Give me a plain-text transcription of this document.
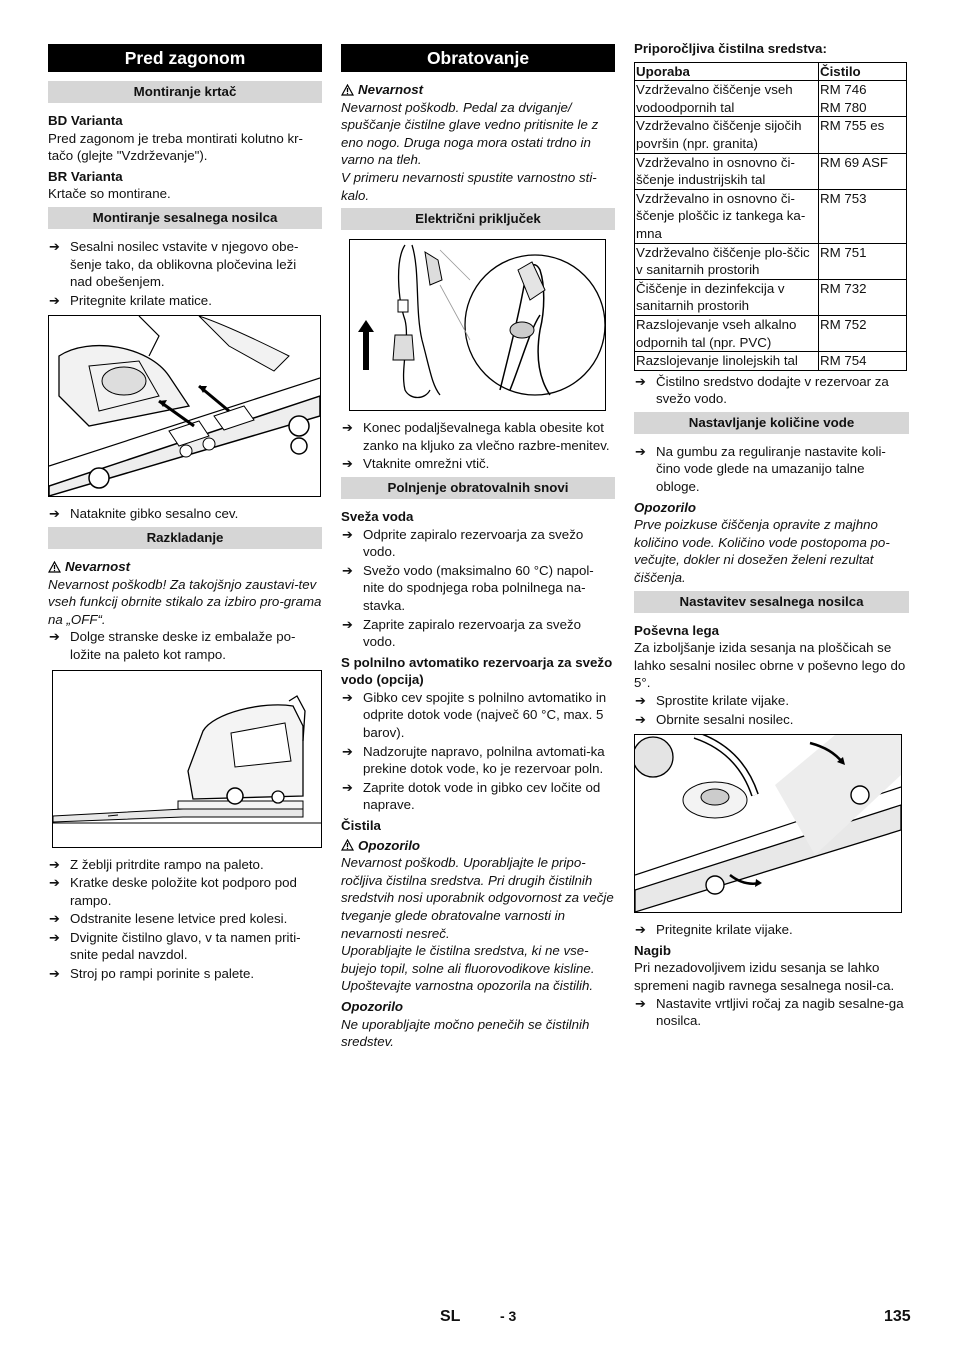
Pred zagonom
Montiranje krtač

BD Varianta

Pred zagonom je treba montirati kolutno kr-tačo (glejte "Vzdrževanje").

BR Varianta

Krtače so montirane.

Montiranje sesalnega nosilca
➔ Sesalni nosilec vstavite v njegovo obe-šenje tako, da oblikovna pločevina leži nad obešenjem.
➔ Pritegnite krilate matice.
➔ Nataknite gibko sesalno cev.
Razkladanje
Nevarnost

Nevarnost poškodb! Za takojšnjo zaustavi-tev vseh funkcij obrnite stikalo za izbiro pro-grama na „OFF“.

➔ Dolge stranske deske iz embalaže po-ložite na paleto kot rampo.
➔ Z žeblji pritrdite rampo na paleto.
➔ Kratke deske položite kot podporo pod rampo.
➔ Odstranite lesene letvice pred kolesi.
➔ Dvignite čistilno glavo, v ta namen priti-snite pedal navzdol.
➔ Stroj po rampi porinite s palete.
Obratovanje
Nevarnost

Nevarnost poškodb. Pedal za dviganje/ spuščanje čistilne glave vedno pritisnite le z eno nogo. Druga noga mora ostati trdno in varno na tleh.

V primeru nevarnosti spustite varnostno sti-kalo.

Električni priključek
➔ Konec podaljševalnega kabla obesite kot zanko na kljuko za vlečno razbre-menitev.
➔ Vtaknite omrežni vtič.
Polnjenje obratovalnih snovi

Sveža voda

➔ Odprite zapiralo rezervoarja za svežo vodo.
➔ Svežo vodo (maksimalno 60 °C) napol-nite do spodnjega roba polnilnega na-stavka.
➔ Zaprite zapiralo rezervoarja za svežo vodo.

S polnilno avtomatiko rezervoarja za svežo vodo (opcija)

➔ Gibko cev spojite s polnilno avtomatiko in odprite dotok vode (največ 60 °C, max. 5 barov).
➔ Nadzorujte napravo, polnilna avtomati-ka prekine dotok vode, ko je rezervoar poln.
➔ Zaprite dotok vode in gibko cev ločite od naprave.

Čistila

Opozorilo

Nevarnost poškodb. Uporabljajte le pripo-ročljiva čistilna sredstva. Pri drugih čistilnih sredstvih nosi uporabnik odgovornost za večje tveganje glede obratovalne varnosti in nevarnosti nesreč.

Uporabljajte le čistilna sredstva, ki ne vse-bujejo topil, solne ali fluorovodikove kisline. Upoštevajte varnostna opozorila na čistilih.

Opozorilo

Ne uporabljajte močno penečih se čistilnih sredstev.

Priporočljiva čistilna sredstva:

Uporaba	Čistilo
Vzdrževalno čiščenje vseh vodoodpornih tal	RM 746
RM 780
Vzdrževalno čiščenje sijočih površin (npr. granita)	RM 755 es
Vzdrževalno in osnovno či-ščenje industrijskih tal	RM 69 ASF
Vzdrževalno in osnovno či-ščenje ploščic iz tankega ka-mna	RM 753
Vzdrževalno čiščenje plo-ščic v sanitarnih prostorih	RM 751
Čiščenje in dezinfekcija v sanitarnih prostorih	RM 732
Razslojevanje vseh alkalno odpornih tal (npr. PVC)	RM 752
Razslojevanje linolejskih tal	RM 754
➔ Čistilno sredstvo dodajte v rezervoar za svežo vodo.
Nastavljanje količine vode
➔ Na gumbu za reguliranje nastavite koli-čino vode glede na umazanijo talne obloge.

Opozorilo

Prve poizkuse čiščenja opravite z majhno količino vode. Količino vode postopoma po-večujte, dokler ni dosežen želeni rezultat čiščenja.

Nastavitev sesalnega nosilca

Poševna lega

Za izboljšanje izida sesanja na ploščicah se lahko sesalni nosilec obrne v poševno lego do 5°.

➔ Sprostite krilate vijake.
➔ Obrnite sesalni nosilec.
➔ Pritegnite krilate vijake.

Nagib

Pri nezadovoljivem izidu sesanja se lahko spremeni nagib ravnega sesalnega nosil-ca.

➔ Nastavite vrtljivi ročaj za nagib sesalne-ga nosilca.
SL	- 3	135
